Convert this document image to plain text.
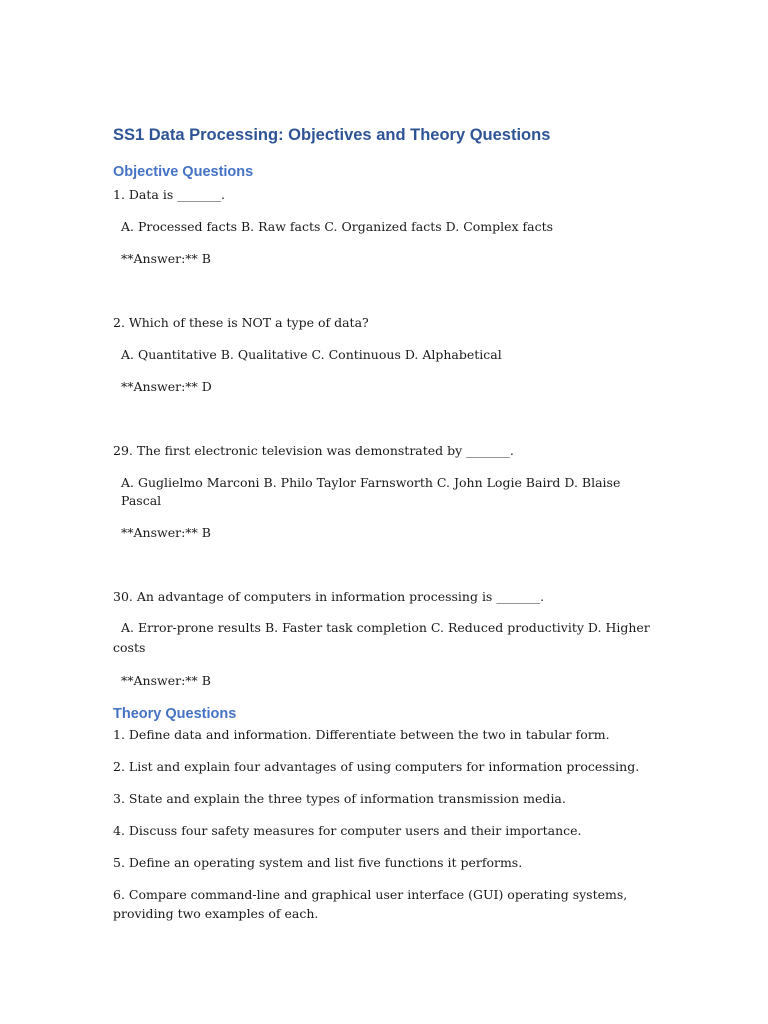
SS1 Data Processing: Objectives and Theory Questions
Objective Questions

1. Data is _______.

A. Processed facts B. Raw facts C. Organized facts D. Complex facts

**Answer:** B

2. Which of these is NOT a type of data?

A. Quantitative B. Qualitative C. Continuous D. Alphabetical

**Answer:** D

29. The first electronic television was demonstrated by _______.

A. Guglielmo Marconi B. Philo Taylor Farnsworth C. John Logie Baird D. Blaise Pascal

**Answer:** B

30. An advantage of computers in information processing is _______.

A. Error-prone results B. Faster task completion C. Reduced productivity D. Higher costs

**Answer:** B

Theory Questions

1. Define data and information. Differentiate between the two in tabular form.

2. List and explain four advantages of using computers for information processing.

3. State and explain the three types of information transmission media.

4. Discuss four safety measures for computer users and their importance.

5. Define an operating system and list five functions it performs.

6. Compare command-line and graphical user interface (GUI) operating systems, providing two examples of each.
